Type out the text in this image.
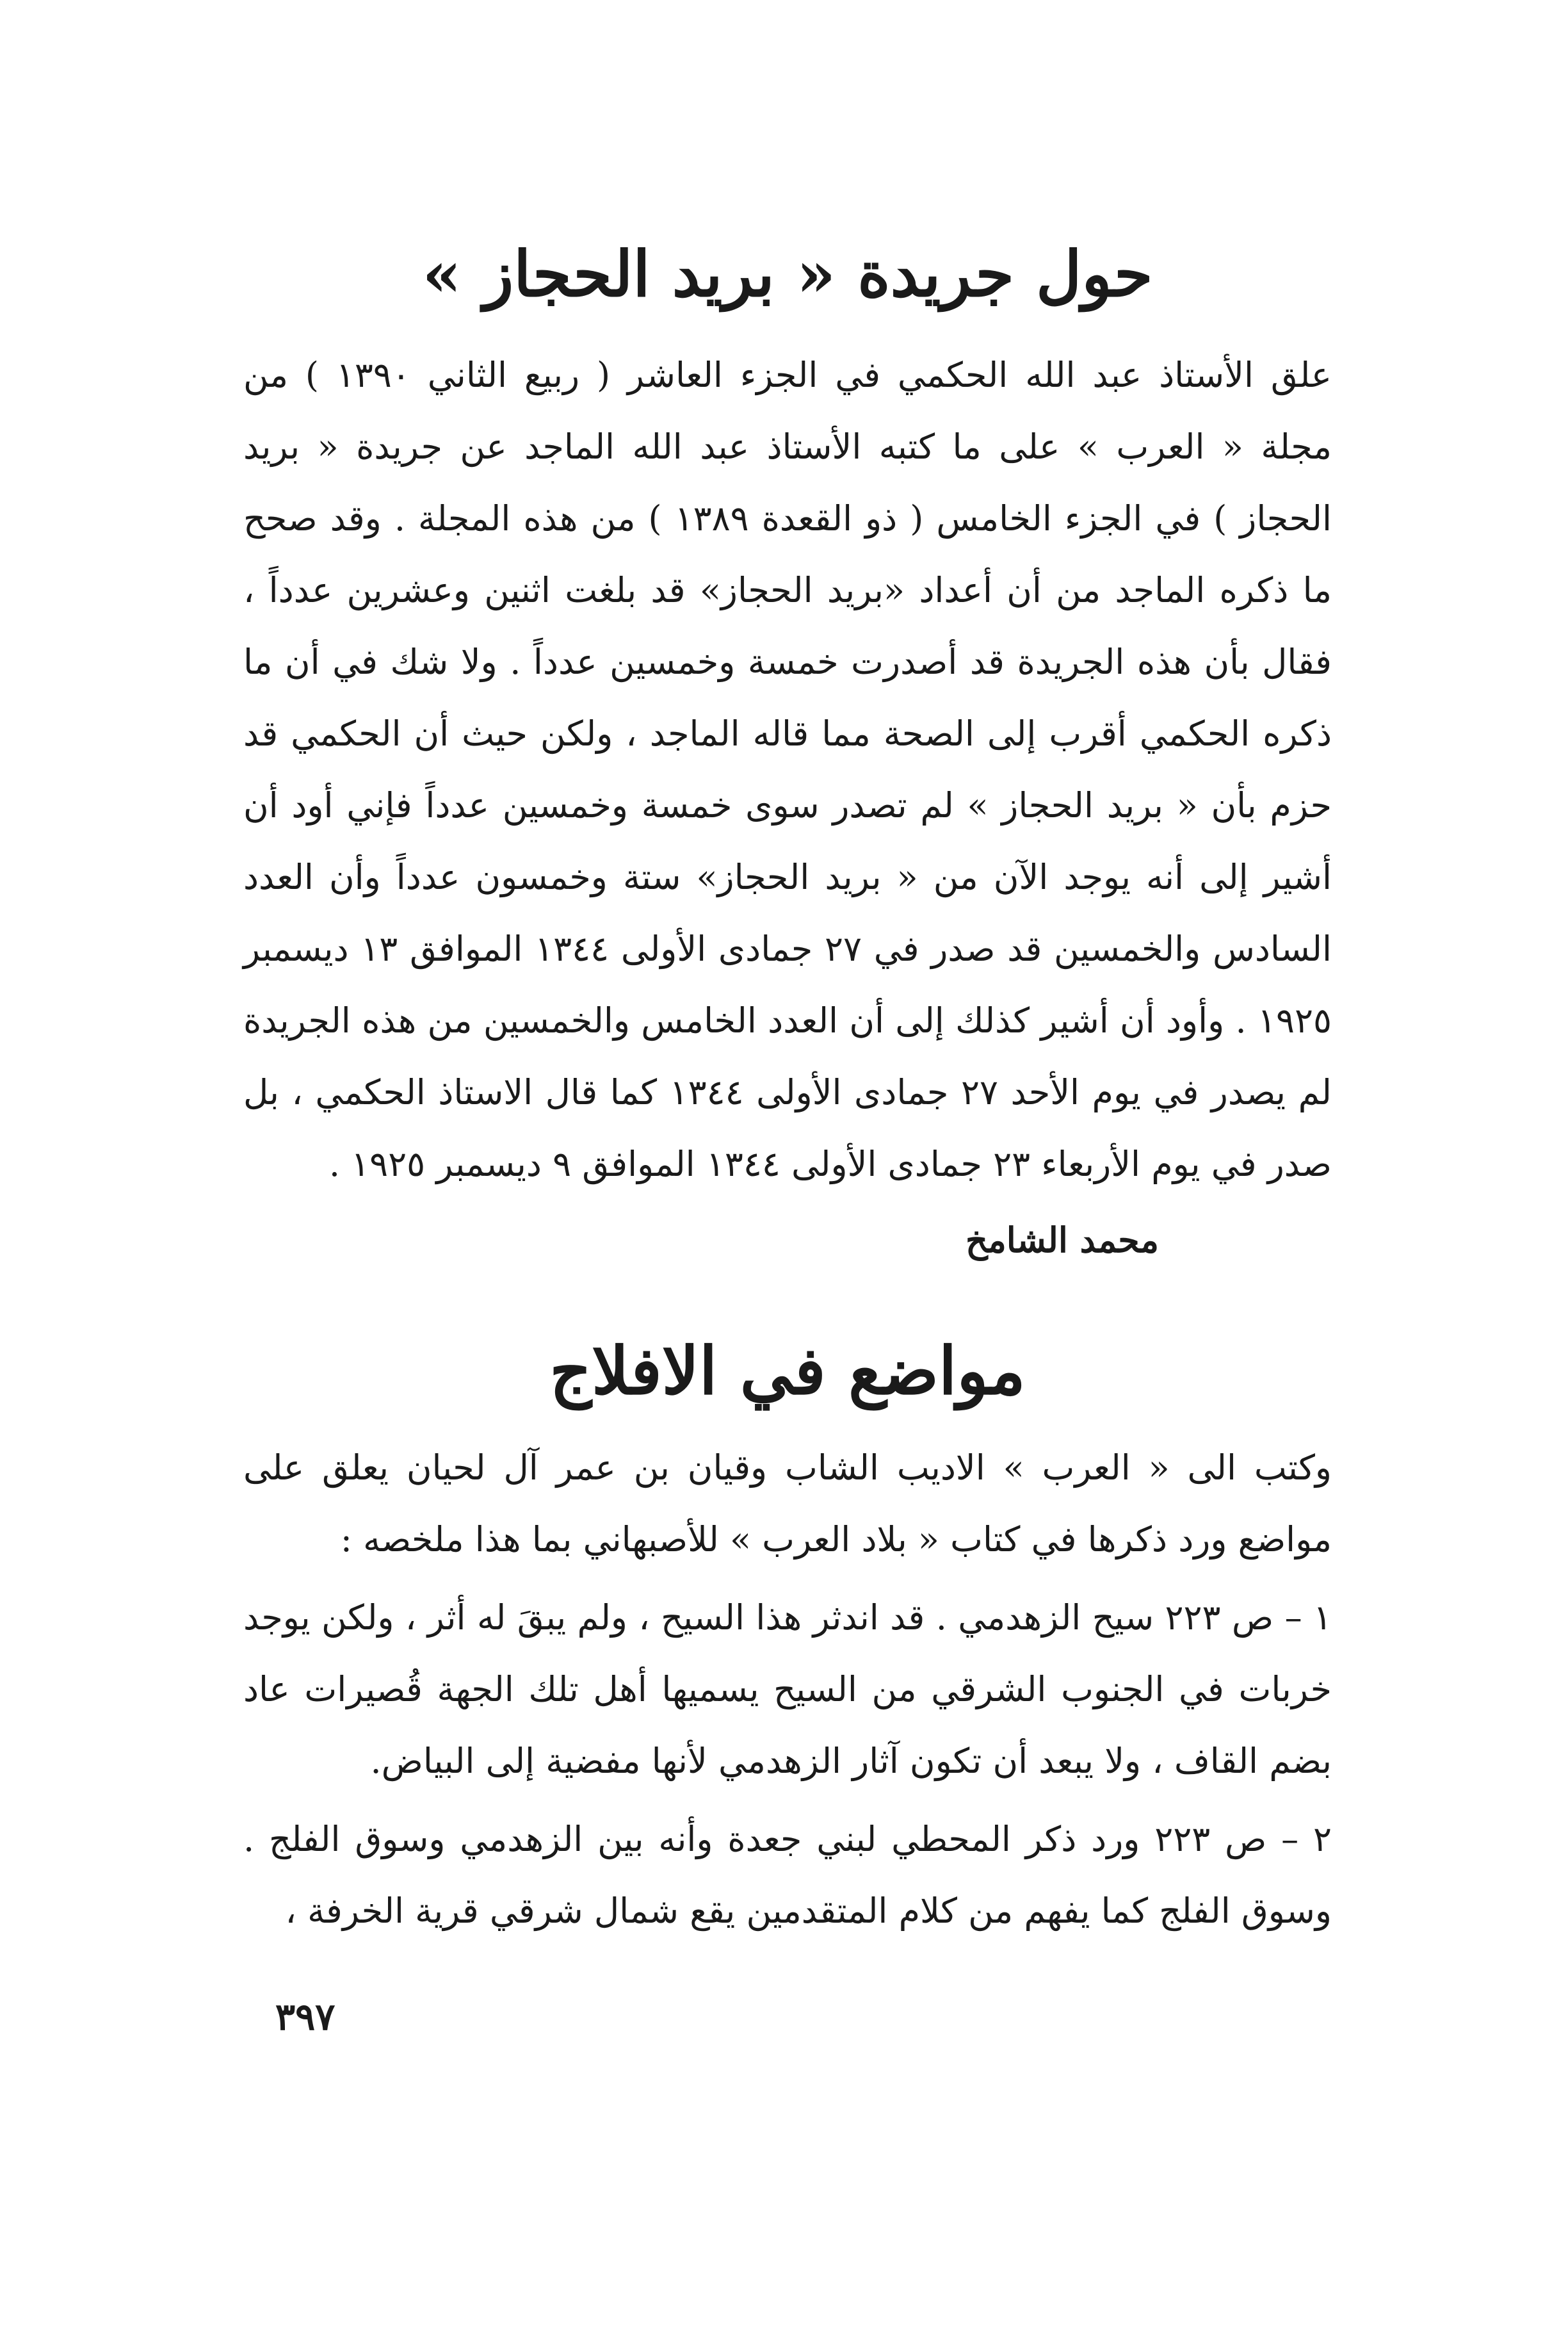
حول جريدة « بريد الحجاز »

علق الأستاذ عبد الله الحكمي في الجزء العاشر ( ربيع الثاني ١٣٩٠ ) من مجلة « العرب » على ما كتبه الأستاذ عبد الله الماجد عن جريدة « بريد الحجاز ) في الجزء الخامس ( ذو القعدة ١٣٨٩ ) من هذه المجلة . وقد صحح ما ذكره الماجد من أن أعداد «بريد الحجاز» قد بلغت اثنين وعشرين عدداً ، فقال بأن هذه الجريدة قد أصدرت خمسة وخمسين عدداً . ولا شك في أن ما ذكره الحكمي أقرب إلى الصحة مما قاله الماجد ، ولكن حيث أن الحكمي قد حزم بأن « بريد الحجاز » لم تصدر سوى خمسة وخمسين عدداً فإني أود أن أشير إلى أنه يوجد الآن من « بريد الحجاز» ستة وخمسون عدداً وأن العدد السادس والخمسين قد صدر في ٢٧ جمادى الأولى ١٣٤٤ الموافق ١٣ ديسمبر ١٩٢٥ . وأود أن أشير كذلك إلى أن العدد الخامس والخمسين من هذه الجريدة لم يصدر في يوم الأحد ٢٧ جمادى الأولى ١٣٤٤ كما قال الاستاذ الحكمي ، بل صدر في يوم الأربعاء ٢٣ جمادى الأولى ١٣٤٤ الموافق ٩ ديسمبر ١٩٢٥ .

محمد الشامخ
مواضع في الافلاج

وكتب الى « العرب » الاديب الشاب وقيان بن عمر آل لحيان يعلق على مواضع ورد ذكرها في كتاب « بلاد العرب » للأصبهاني بما هذا ملخصه :

١ – ص ٢٢٣ سيح الزهدمي . قد اندثر هذا السيح ، ولم يبقَ له أثر ، ولكن يوجد خربات في الجنوب الشرقي من السيح يسميها أهل تلك الجهة قُصيرات عاد بضم القاف ، ولا يبعد أن تكون آثار الزهدمي لأنها مفضية إلى البياض.

٢ – ص ٢٢٣ ورد ذكر المحطي لبني جعدة وأنه بين الزهدمي وسوق الفلج . وسوق الفلج كما يفهم من كلام المتقدمين يقع شمال شرقي قرية الخرفة ،

٣٩٧
